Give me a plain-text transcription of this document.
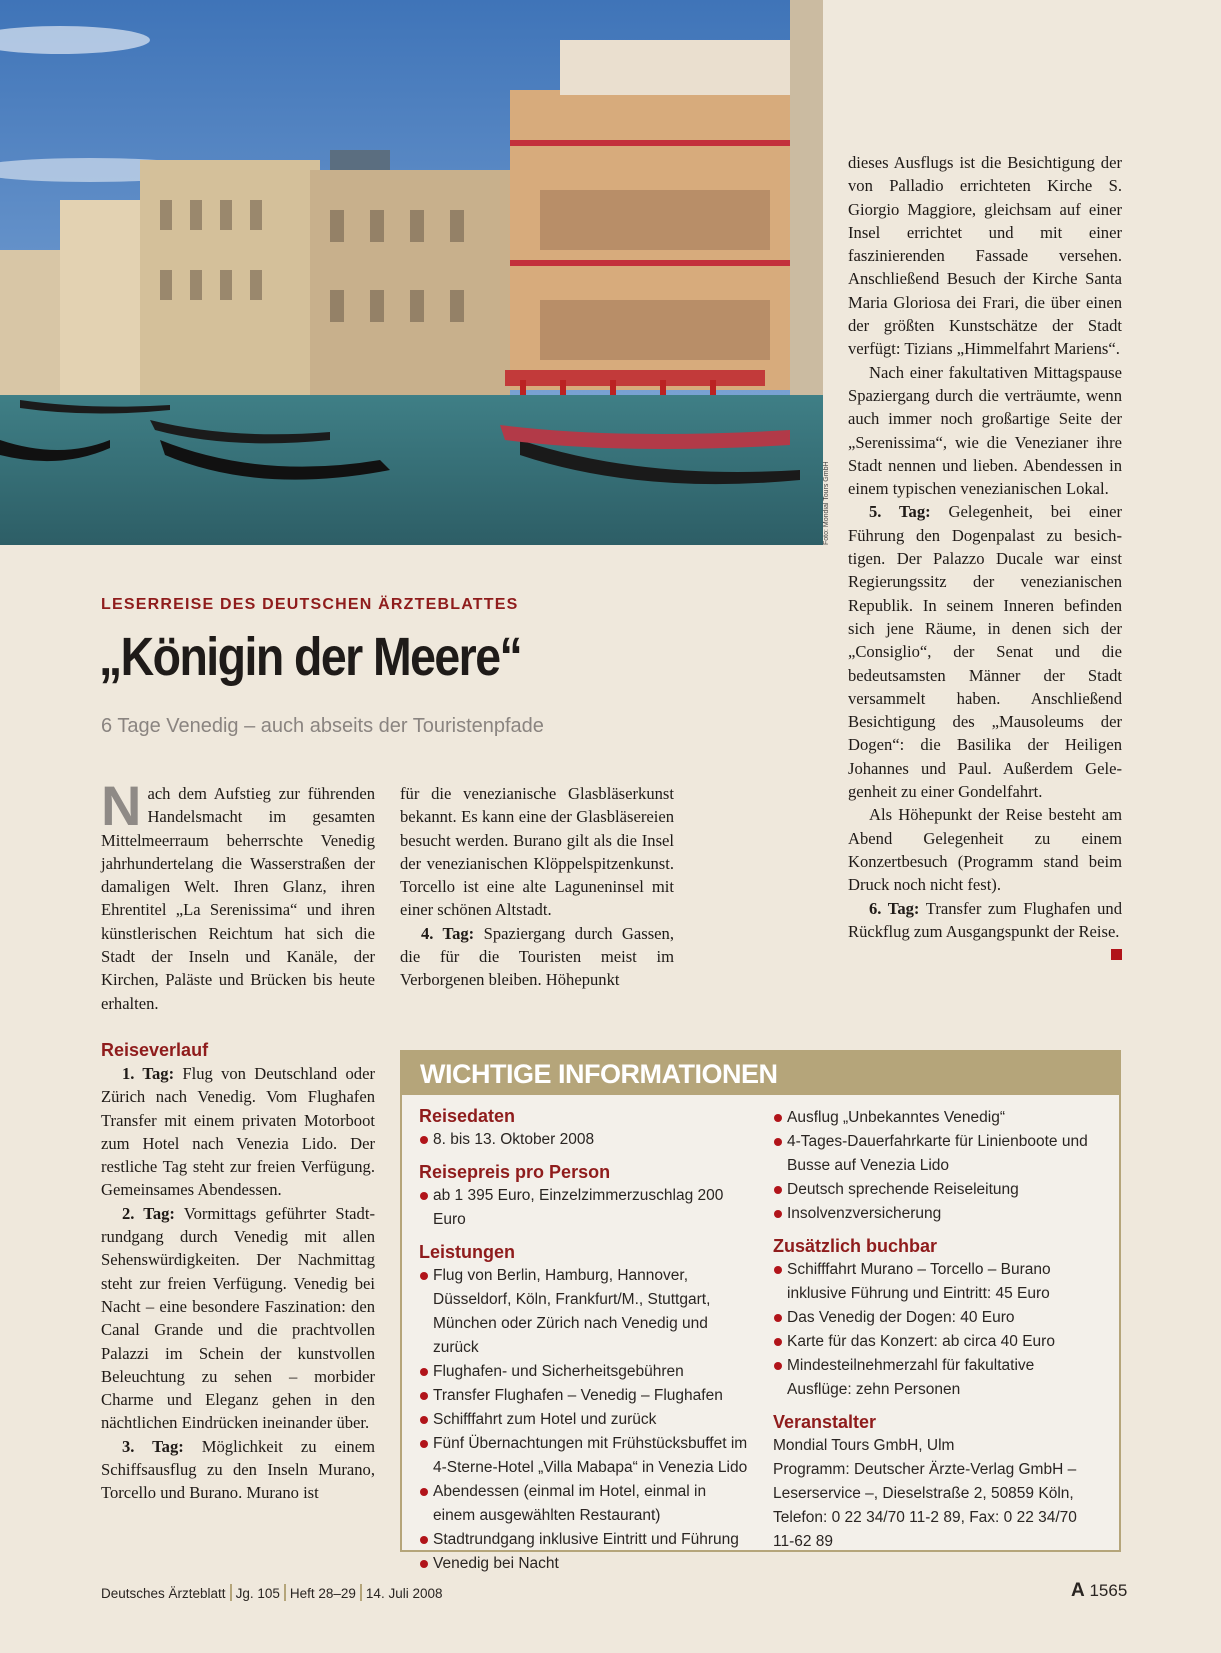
Foto: Mondial Tours GmbH
LESERREISE DES DEUTSCHEN ÄRZTEBLATTES
„Königin der Meere“
6 Tage Venedig – auch abseits der Touristenpfade

Nach dem Aufstieg zur führenden Handelsmacht im gesamten Mittelmeerraum beherrschte Venedig jahrhundertelang die Wasserstraßen der damaligen Welt. Ihren Glanz, ihren Ehrentitel „La Serenissima“ und ihren künstlerischen Reichtum hat sich die Stadt der Inseln und Kanäle, der Kirchen, Paläste und Brücken bis heute erhalten.

Reiseverlauf

1. Tag: Flug von Deutschland oder Zürich nach Venedig. Vom Flughafen Transfer mit einem privaten Motorboot zum Hotel nach Venezia Lido. Der restliche Tag steht zur freien Verfügung. Gemeinsames Abendessen.

2. Tag: Vormittags geführter Stadtrundgang durch Venedig mit allen Sehenswürdigkeiten. Der Nachmittag steht zur freien Verfügung. Venedig bei Nacht – eine besondere Faszination: den Canal Grande und die prachtvollen Palazzi im Schein der kunstvollen Beleuchtung zu sehen – morbider Charme und Eleganz gehen in den nächtlichen Eindrücken ineinander über.

3. Tag: Möglichkeit zu einem Schiffsausflug zu den Inseln Murano, Torcello und Burano. Murano ist

für die venezianische Glasbläserkunst bekannt. Es kann eine der Glasbläsereien besucht werden. Burano gilt als die Insel der venezianischen Klöppelspitzenkunst. Torcello ist eine alte Laguneninsel mit einer schönen Altstadt.

4. Tag: Spaziergang durch Gassen, die für die Touristen meist im Verborgenen bleiben. Höhepunkt

dieses Ausflugs ist die Besichtigung der von Palladio errichteten Kirche S. Giorgio Maggiore, gleichsam auf einer Insel errichtet und mit einer faszinierenden Fassade versehen. Anschließend Besuch der Kirche Santa Maria Gloriosa dei Frari, die über einen der größten Kunstschätze der Stadt verfügt: Tizians „Himmelfahrt Mariens“.

Nach einer fakultativen Mittagspause Spaziergang durch die verträumte, wenn auch immer noch großartige Seite der „Serenissima“, wie die Venezianer ihre Stadt nennen und lieben. Abendessen in einem typischen venezianischen Lokal.

5. Tag: Gelegenheit, bei einer Führung den Dogenpalast zu besichtigen. Der Palazzo Ducale war einst Regierungssitz der venezianischen Republik. In seinem Inneren befinden sich jene Räume, in denen sich der „Consiglio“, der Senat und die bedeutsamsten Männer der Stadt versammelt haben. Anschließend Besichtigung des „Mausoleums der Dogen“: die Basilika der Heiligen Johannes und Paul. Außerdem Gelegenheit zu einer Gondelfahrt.

Als Höhepunkt der Reise besteht am Abend Gelegenheit zu einem Konzertbesuch (Programm stand beim Druck noch nicht fest).

6. Tag: Transfer zum Flughafen und Rückflug zum Ausgangspunkt der Reise.

WICHTIGE INFORMATIONEN
Reisedaten
8. bis 13. Oktober 2008
Reisepreis pro Person
ab 1 395 Euro, Einzelzimmerzuschlag 200 Euro
Leistungen
Flug von Berlin, Hamburg, Hannover, Düsseldorf, Köln, Frankfurt/M., Stuttgart, München oder Zürich nach Venedig und zurück
Flughafen- und Sicherheitsgebühren
Transfer Flughafen – Venedig – Flughafen
Schifffahrt zum Hotel und zurück
Fünf Übernachtungen mit Frühstücksbuffet im 4-Sterne-Hotel „Villa Mabapa“ in Venezia Lido
Abendessen (einmal im Hotel, einmal in einem ausgewählten Restaurant)
Stadtrundgang inklusive Eintritt und Führung
Venedig bei Nacht
Ausflug „Unbekanntes Venedig“
4-Tages-Dauerfahrkarte für Linienboote und Busse auf Venezia Lido
Deutsch sprechende Reiseleitung
Insolvenzversicherung
Zusätzlich buchbar
Schifffahrt Murano – Torcello – Burano inklusive Führung und Eintritt: 45 Euro
Das Venedig der Dogen: 40 Euro
Karte für das Konzert: ab circa 40 Euro
Mindesteilnehmerzahl für fakultative Ausflüge: zehn Personen
Veranstalter

Mondial Tours GmbH, Ulm

Programm: Deutscher Ärzte-Verlag GmbH – Leserservice –, Dieselstraße 2, 50859 Köln, Telefon: 0 22 34/70 11-2 89, Fax: 0 22 34/70 11-62 89

Deutsches Ärzteblatt Jg. 105 Heft 28–29 14. Juli 2008	A 1565
